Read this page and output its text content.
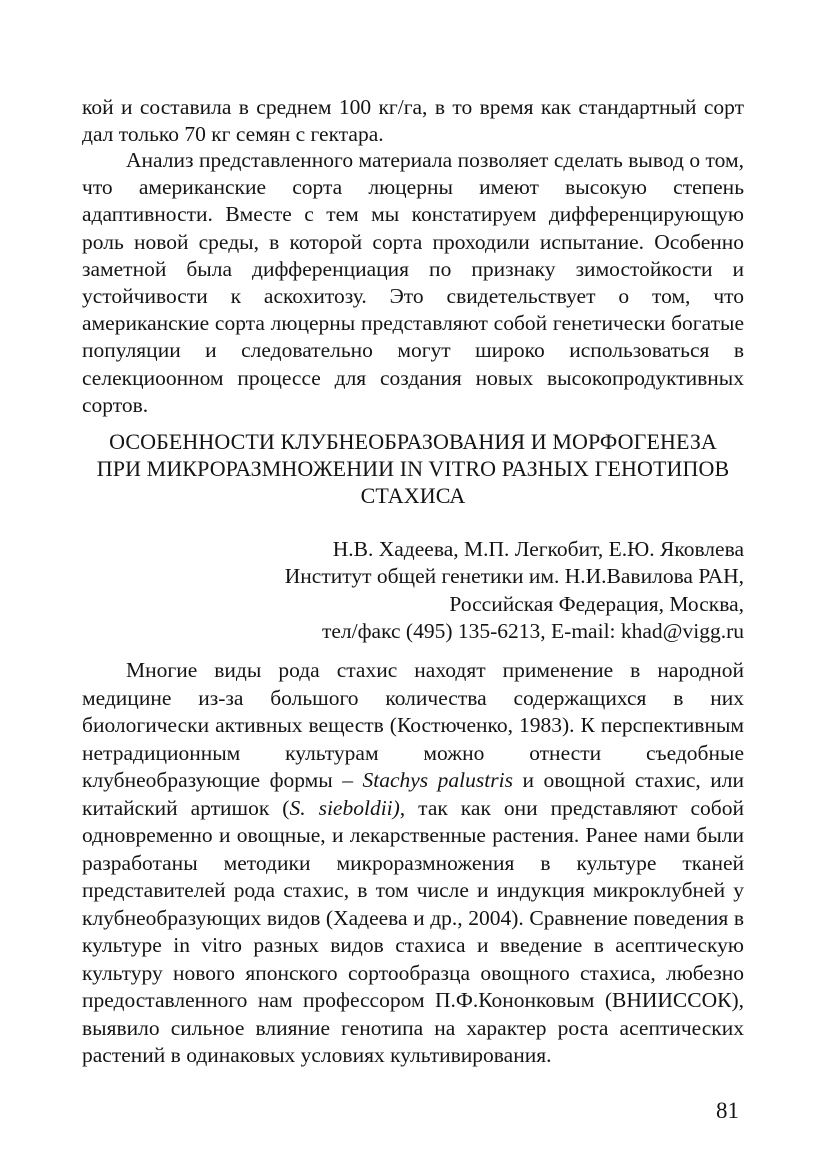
кой и составила в среднем 100 кг/га, в то время как стандартный сорт дал только 70 кг семян с гектара.

Анализ представленного материала позволяет сделать вывод о том, что американские сорта люцерны имеют высокую степень адаптивности. Вместе с тем мы констатируем дифференцирующую роль новой среды, в которой сорта проходили испытание. Особенно заметной была дифференциация по признаку зимостойкости и устойчивости к аскохитозу. Это свидетельствует о том, что американские сорта люцерны представляют собой генетически богатые популяции и следовательно могут широко использоваться в селекциоонном процессе для создания новых высокопродуктивных сортов.

ОСОБЕННОСТИ КЛУБНЕОБРАЗОВАНИЯ И МОРФОГЕНЕЗА
ПРИ МИКРОРАЗМНОЖЕНИИ IN VITRO РАЗНЫХ ГЕНОТИПОВ
СТАХИСА
Н.В. Хадеева, М.П. Легкобит, Е.Ю. Яковлева
Институт общей генетики им. Н.И.Вавилова РАН,
Российская Федерация, Москва,
тел/факс (495) 135-6213, E-mail: khad@vigg.ru

Многие виды рода стахис находят применение в народной медицине из-за большого количества содержащихся в них биологически активных веществ (Костюченко, 1983). К перспективным нетрадиционным культурам можно отнести съедобные клубнеобразующие формы – Stachys palustris и овощной стахис, или китайский артишок (S. sieboldii), так как они представляют собой одновременно и овощные, и лекарственные растения. Ранее нами были разработаны методики микроразмножения в культуре тканей представителей рода стахис, в том числе и индукция микроклубней у клубнеобразующих видов (Хадеева и др., 2004). Сравнение поведения в культуре in vitro разных видов стахиса и введение в асептическую культуру нового японского сортообразца овощного стахиса, любезно предоставленного нам профессором П.Ф.Кононковым (ВНИИССОК), выявило сильное влияние генотипа на характер роста асептических растений в одинаковых условиях культивирования.

81
